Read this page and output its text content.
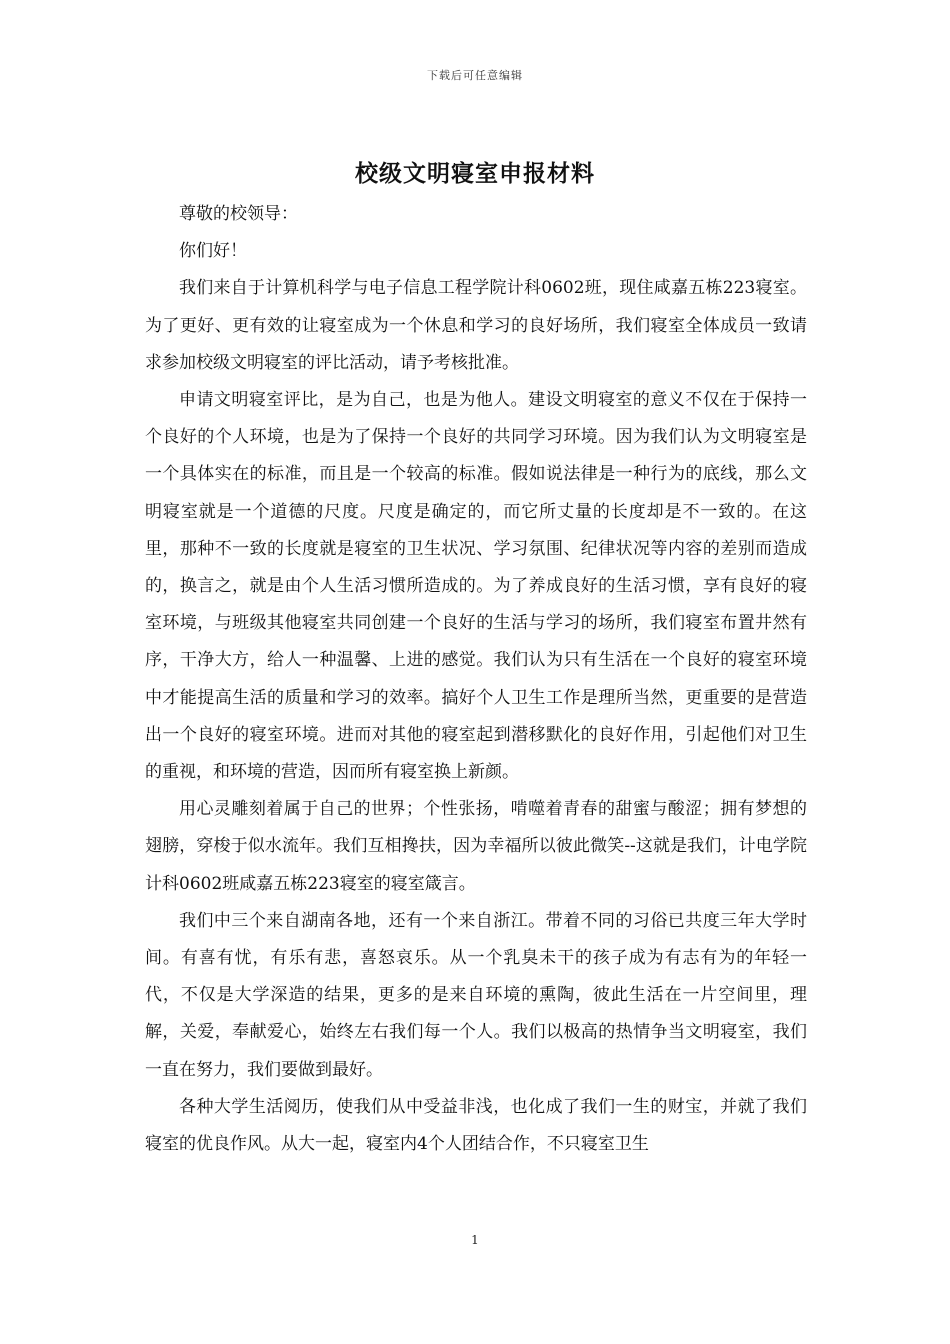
下载后可任意编辑
校级文明寝室申报材料

尊敬的校领导：

你们好！

我们来自于计算机科学与电子信息工程学院计科0602班，现住咸嘉五栋223寝室。为了更好、更有效的让寝室成为一个休息和学习的良好场所，我们寝室全体成员一致请求参加校级文明寝室的评比活动，请予考核批准。

申请文明寝室评比，是为自己，也是为他人。建设文明寝室的意义不仅在于保持一个良好的个人环境，也是为了保持一个良好的共同学习环境。因为我们认为文明寝室是一个具体实在的标准，而且是一个较高的标准。假如说法律是一种行为的底线，那么文明寝室就是一个道德的尺度。尺度是确定的，而它所丈量的长度却是不一致的。在这里，那种不一致的长度就是寝室的卫生状况、学习氛围、纪律状况等内容的差别而造成的，换言之，就是由个人生活习惯所造成的。为了养成良好的生活习惯，享有良好的寝室环境，与班级其他寝室共同创建一个良好的生活与学习的场所，我们寝室布置井然有序，干净大方，给人一种温馨、上进的感觉。我们认为只有生活在一个良好的寝室环境中才能提高生活的质量和学习的效率。搞好个人卫生工作是理所当然，更重要的是营造出一个良好的寝室环境。进而对其他的寝室起到潜移默化的良好作用，引起他们对卫生的重视，和环境的营造，因而所有寝室换上新颜。

用心灵雕刻着属于自己的世界；个性张扬，啃噬着青春的甜蜜与酸涩；拥有梦想的翅膀，穿梭于似水流年。我们互相搀扶，因为幸福所以彼此微笑--这就是我们，计电学院计科0602班咸嘉五栋223寝室的寝室箴言。

我们中三个来自湖南各地，还有一个来自浙江。带着不同的习俗已共度三年大学时间。有喜有忧，有乐有悲，喜怒哀乐。从一个乳臭未干的孩子成为有志有为的年轻一代，不仅是大学深造的结果，更多的是来自环境的熏陶，彼此生活在一片空间里，理解，关爱，奉献爱心，始终左右我们每一个人。我们以极高的热情争当文明寝室，我们一直在努力，我们要做到最好。

各种大学生活阅历，使我们从中受益非浅，也化成了我们一生的财宝，并就了我们寝室的优良作风。从大一起，寝室内4个人团结合作，不只寝室卫生

1
